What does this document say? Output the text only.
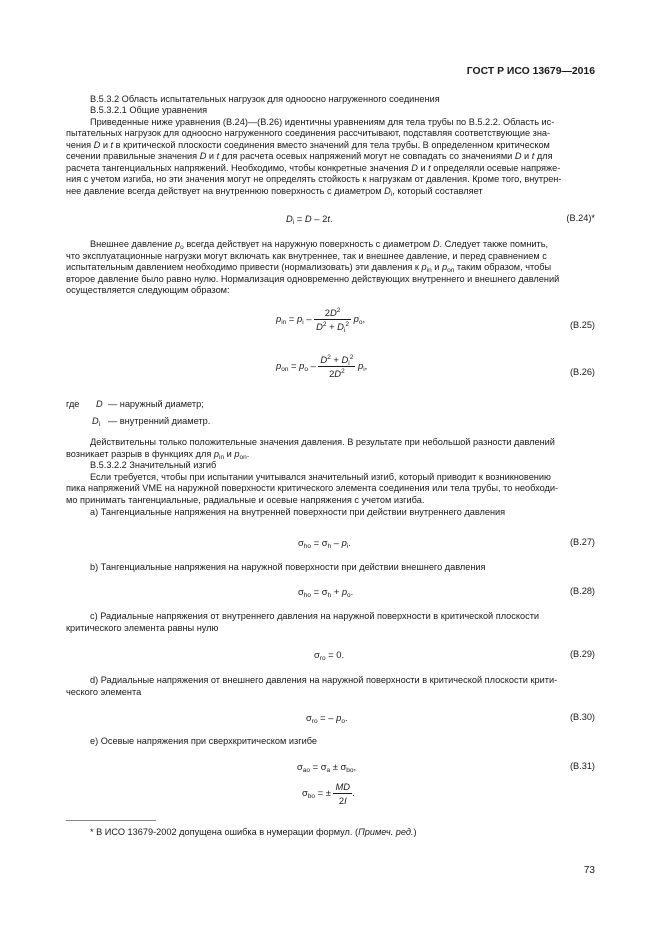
ГОСТ Р ИСО 13679—2016
В.5.3.2 Область испытательных нагрузок для одноосно нагруженного соединения
В.5.3.2.1 Общие уравнения
Приведенные ниже уравнения (В.24)—(В.26) идентичны уравнениям для тела трубы по В.5.2.2. Область ис-
пытательных нагрузок для одноосно нагруженного соединения рассчитывают, подставляя соответствующие зна-
чения D и t в критической плоскости соединения вместо значений для тела трубы. В определенном критическом
сечении правильные значения D и t для расчета осевых напряжений могут не совпадать со значениями D и t для
расчета тангенциальных напряжений. Необходимо, чтобы конкретные значения D и t определяли осевые напряже-
ния с учетом изгиба, но эти значения могут не определять стойкость к нагрузкам от давления. Кроме того, внутрен-
нее давление всегда действует на внутреннюю поверхность с диаметром $D_i$, который составляет
$D_i = D - 2t$.	(В.24)*
Внешнее давление $p_o$ всегда действует на наружную поверхность с диаметром D. Следует также помнить,
что эксплуатационные нагрузки могут включать как внутреннее, так и внешнее давление, и перед сравнением с
испытательным давлением необходимо привести (нормализовать) эти давления к $p_{in}$ и $p_{on}$ таким образом, чтобы
второе давление было равно нулю. Нормализация одновременно действующих внутреннего и внешнего давлений
осуществляется следующим образом:
$p_{in} = p_i - \frac{2D^2}{D^2 + D_i^2} p_o$,
(В.25)
$p_{on} = p_o - \frac{D^2 + D_i^2}{2D^2} p_i$,
(В.26)
где D — наружный диаметр;
$D_i$ — внутренний диаметр.
Действительны только положительные значения давления. В результате при небольшой разности давлений
возникает разрыв в функциях для $p_{in}$ и $p_{on}$.
В.5.3.2.2 Значительный изгиб
Если требуется, чтобы при испытании учитывался значительный изгиб, который приводит к возникновению
пика напряжений VME на наружной поверхности критического элемента соединения или тела трубы, то необходи-
мо принимать тангенциальные, радиальные и осевые напряжения с учетом изгиба.
a) Тангенциальные напряжения на внутренней поверхности при действии внутреннего давления
$\sigma_{ho} = \sigma_h - p_i$.	(В.27)
b) Тангенциальные напряжения на наружной поверхности при действии внешнего давления
$\sigma_{ho} = \sigma_h + p_o$.	(В.28)
c) Радиальные напряжения от внутреннего давления на наружной поверхности в критической плоскости
критического элемента равны нулю
$\sigma_{ro} = 0$.	(В.29)
d) Радиальные напряжения от внешнего давления на наружной поверхности в критической плоскости крити-
ческого элемента
$\sigma_{ro}$ = – $p_o$.	(В.30)
e) Осевые напряжения при сверхкритическом изгибе
$\sigma_{ao} = \sigma_a \pm \sigma_{bo}$,	(В.31)
$\sigma_{bo}$ = ± $\frac{MD}{2I}$ .
* В ИСО 13679-2002 допущена ошибка в нумерации формул. (Примеч. ред.)
73
